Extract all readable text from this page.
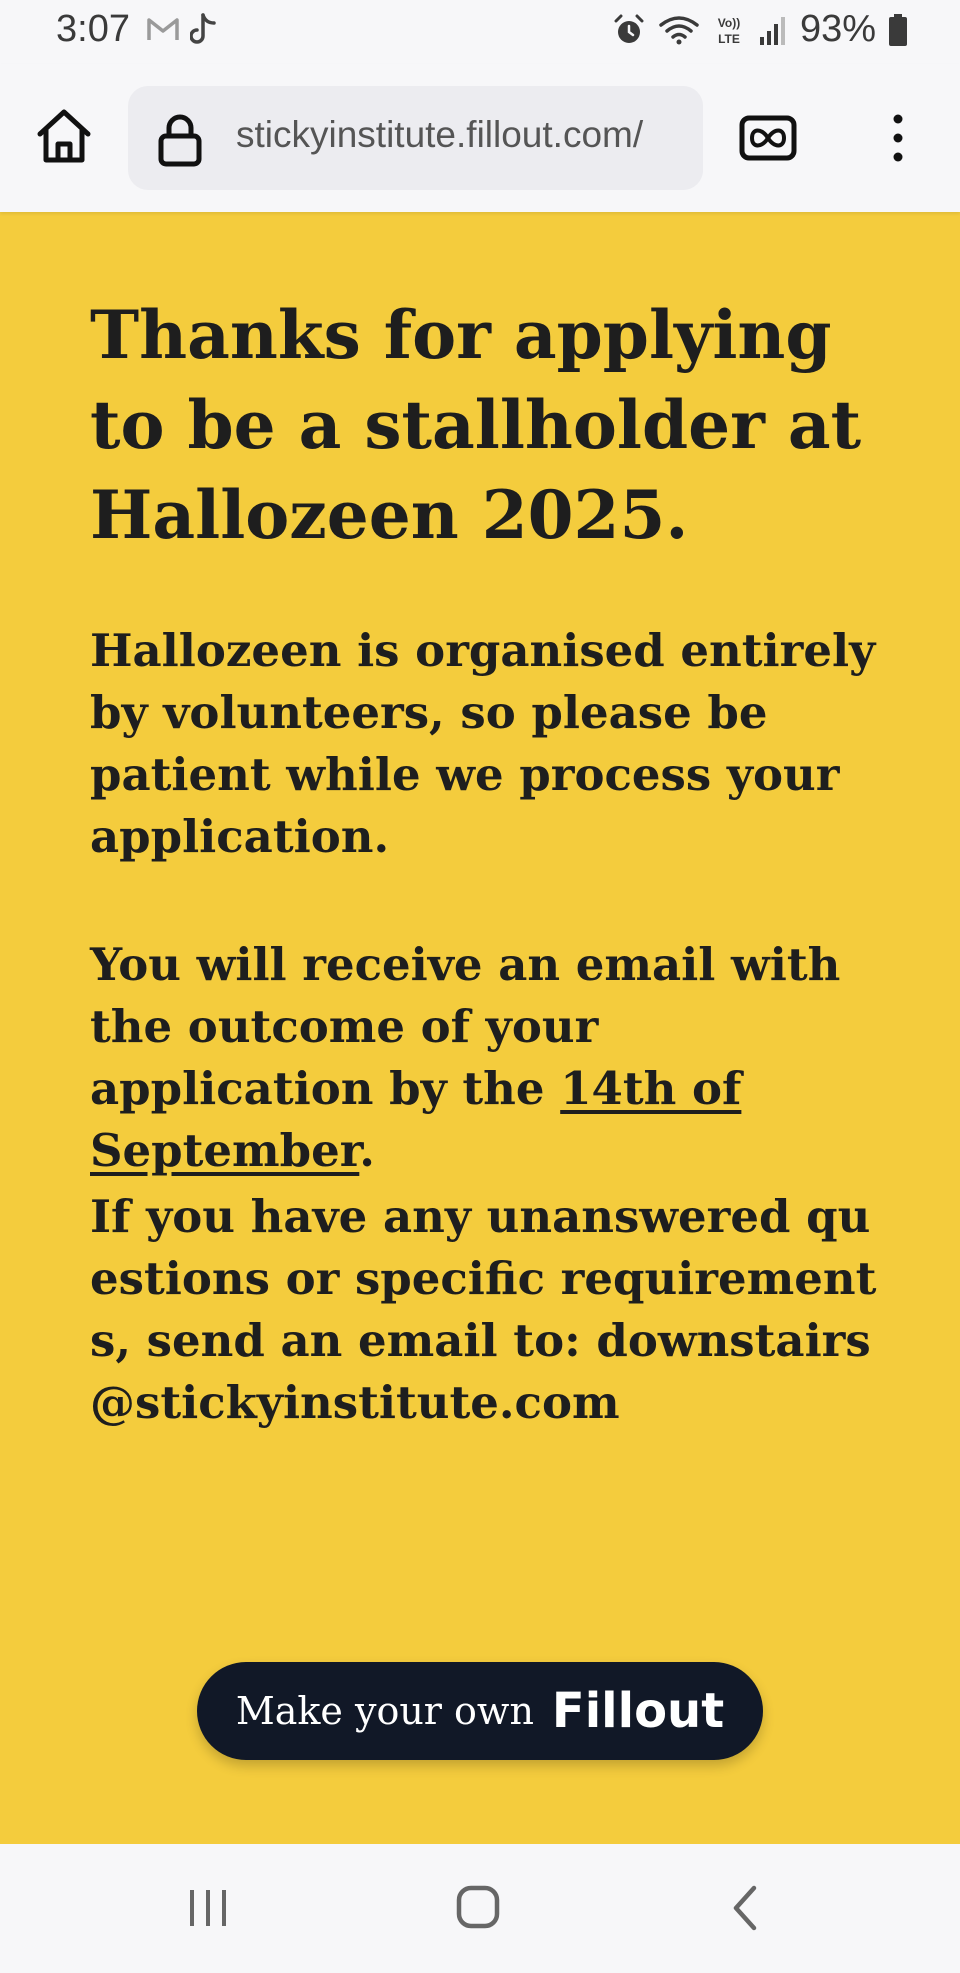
3:07	Vo))
LTE 93%
stickyinstitute.fillout.com/
Thanks for applying to be a stallholder at Hallozeen 2025.

Hallozeen is organised entirely by volunteers, so please be patient while we process your application.

You will receive an email with the outcome of your application by the 14th of September.

If you have any unanswered questions or specific requirements, send an email to: downstairs@stickyinstitute.com

Make your own Fillout
